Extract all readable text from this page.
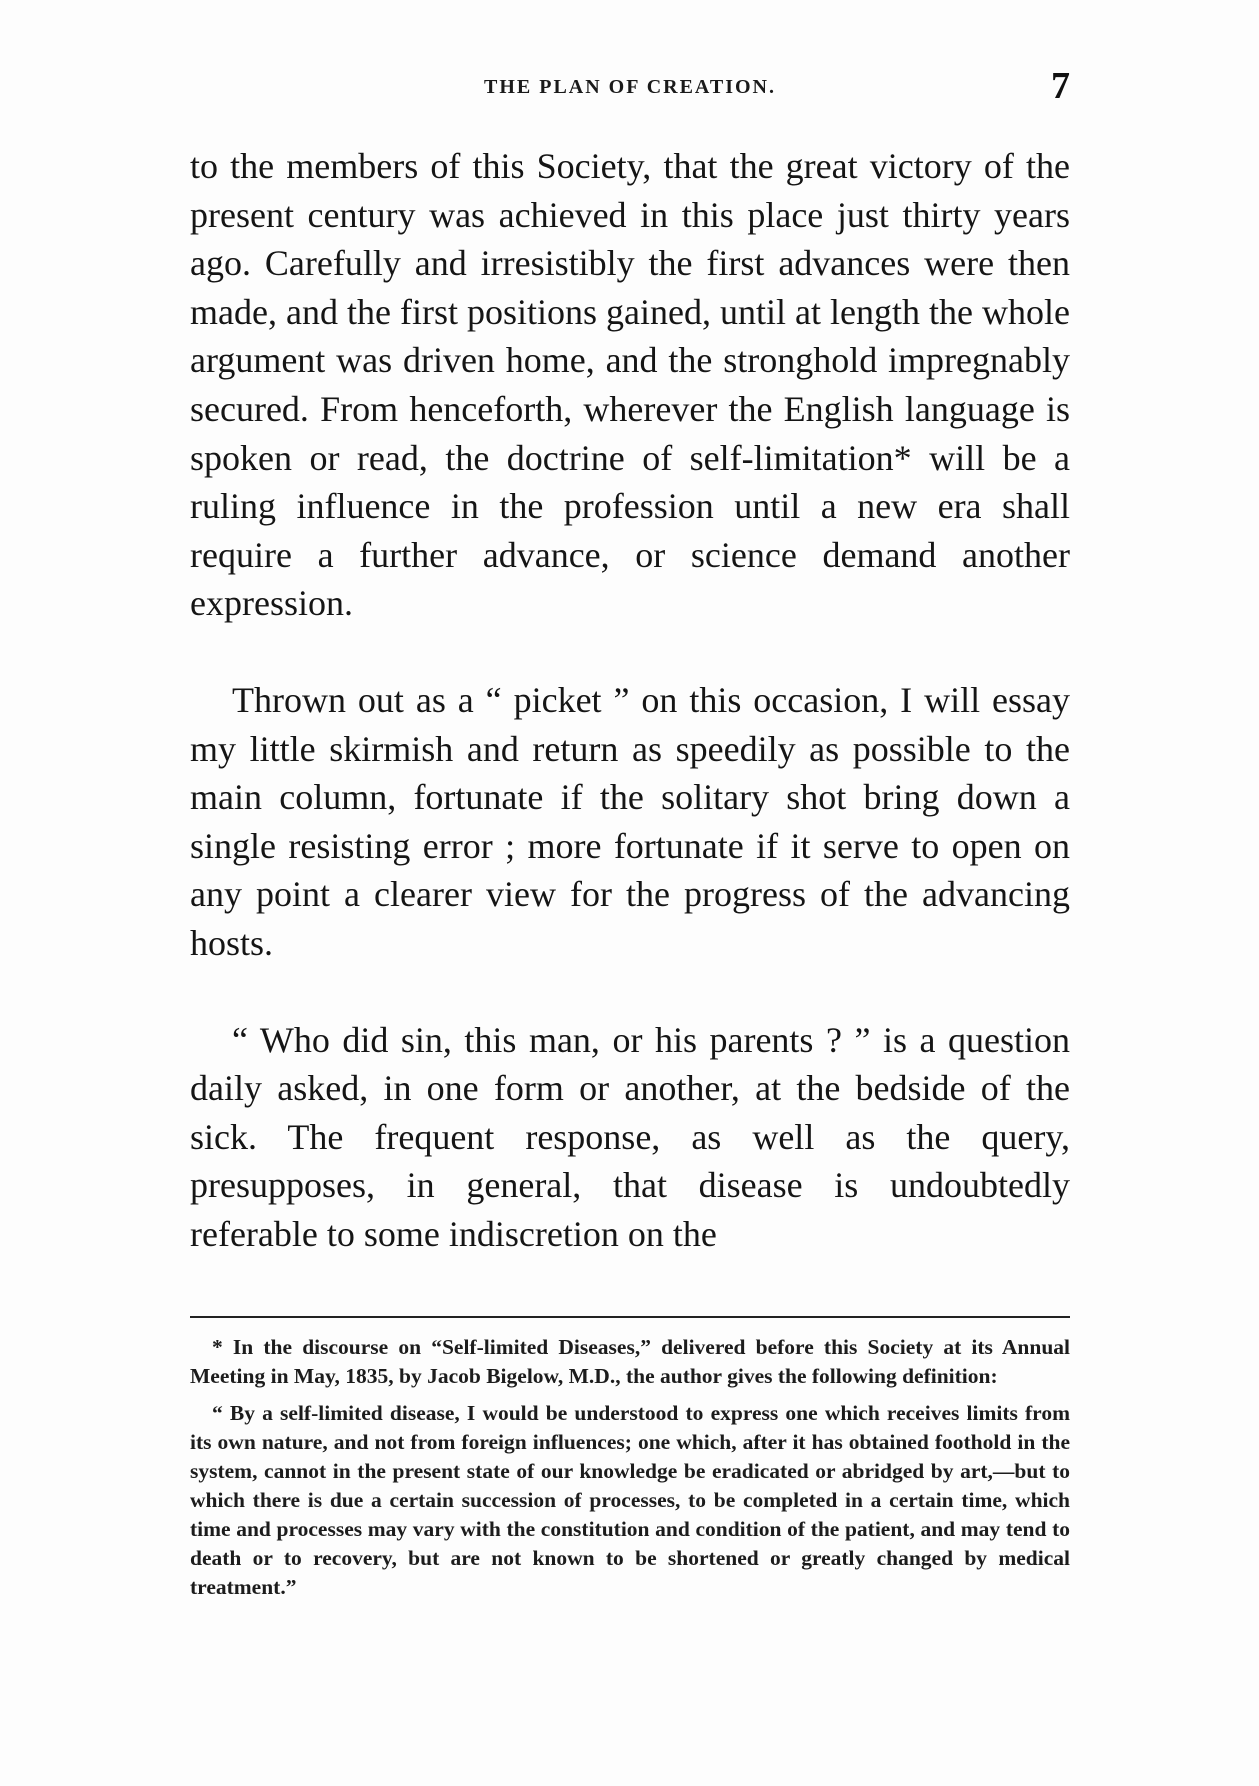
THE PLAN OF CREATION.	7

to the members of this Society, that the great victory of the present century was achieved in this place just thirty years ago. Carefully and irresistibly the first advances were then made, and the first positions gained, until at length the whole argument was driven home, and the stronghold impregnably secured. From henceforth, wherever the English language is spoken or read, the doctrine of self-limitation* will be a ruling influence in the profession until a new era shall require a further advance, or science demand another expression.

Thrown out as a “ picket ” on this occasion, I will essay my little skirmish and return as speedily as possible to the main column, fortunate if the solitary shot bring down a single resisting error ; more fortunate if it serve to open on any point a clearer view for the progress of the advancing hosts.

“ Who did sin, this man, or his parents ? ” is a question daily asked, in one form or another, at the bedside of the sick. The frequent response, as well as the query, presupposes, in general, that disease is undoubtedly referable to some indiscretion on the

* In the discourse on “Self-limited Diseases,” delivered before this Society at its Annual Meeting in May, 1835, by Jacob Bigelow, M.D., the author gives the following definition:

“ By a self-limited disease, I would be understood to express one which receives limits from its own nature, and not from foreign influences; one which, after it has obtained foothold in the system, cannot in the present state of our knowledge be eradicated or abridged by art,—but to which there is due a certain succession of processes, to be completed in a certain time, which time and processes may vary with the constitution and condition of the patient, and may tend to death or to recovery, but are not known to be shortened or greatly changed by medical treatment.”
